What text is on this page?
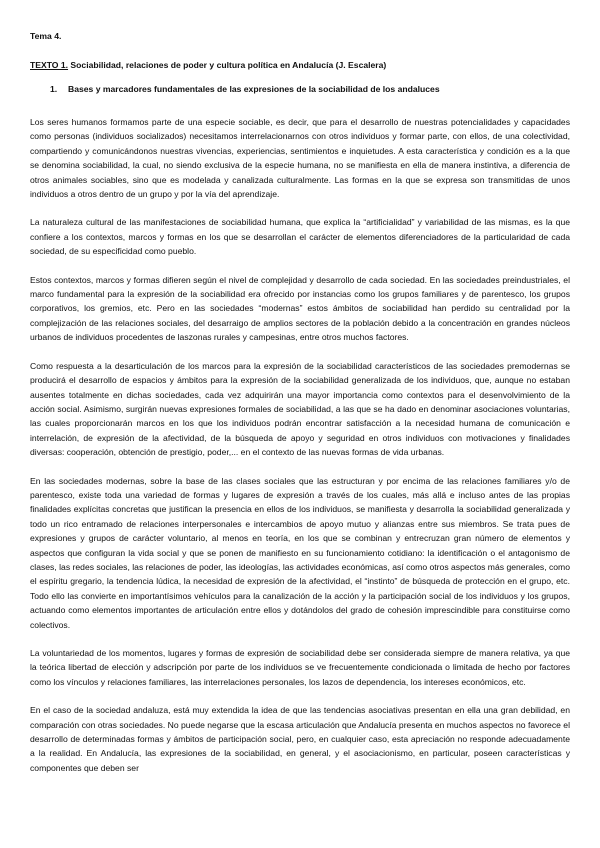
Tema 4.
TEXTO 1. Sociabilidad, relaciones de poder y cultura política en Andalucía (J. Escalera)
1. Bases y marcadores fundamentales de las expresiones de la sociabilidad de los andaluces

Los seres humanos formamos parte de una especie sociable, es decir, que para el desarrollo de nuestras potencialidades y capacidades como personas (individuos socializados) necesitamos interrelacionarnos con otros individuos y formar parte, con ellos, de una colectividad, compartiendo y comunicándonos nuestras vivencias, experiencias, sentimientos e inquietudes. A esta característica y condición es a la que se denomina sociabilidad, la cual, no siendo exclusiva de la especie humana, no se manifiesta en ella de manera instintiva, a diferencia de otros animales sociables, sino que es modelada y canalizada culturalmente. Las formas en la que se expresa son transmitidas de unos individuos a otros dentro de un grupo y por la vía del aprendizaje.

La naturaleza cultural de las manifestaciones de sociabilidad humana, que explica la “artificialidad” y variabilidad de las mismas, es la que confiere a los contextos, marcos y formas en los que se desarrollan el carácter de elementos diferenciadores de la particularidad de cada sociedad, de su especificidad como pueblo.

Estos contextos, marcos y formas difieren según el nivel de complejidad y desarrollo de cada sociedad. En las sociedades preindustriales, el marco fundamental para la expresión de la sociabilidad era ofrecido por instancias como los grupos familiares y de parentesco, los grupos corporativos, los gremios, etc. Pero en las sociedades “modernas” estos ámbitos de sociabilidad han perdido su centralidad por la complejización de las relaciones sociales, del desarraigo de amplios sectores de la población debido a la concentración en grandes núcleos urbanos de individuos procedentes de laszonas rurales y campesinas, entre otros muchos factores.

Como respuesta a la desarticulación de los marcos para la expresión de la sociabilidad característicos de las sociedades premodernas se producirá el desarrollo de espacios y ámbitos para la expresión de la sociabilidad generalizada de los individuos, que, aunque no estaban ausentes totalmente en dichas sociedades, cada vez adquirirán una mayor importancia como contextos para el desenvolvimiento de la acción social. Asimismo, surgirán nuevas expresiones formales de sociabilidad, a las que se ha dado en denominar asociaciones voluntarias, las cuales proporcionarán marcos en los que los individuos podrán encontrar satisfacción a la necesidad humana de comunicación e interrelación, de expresión de la afectividad, de la búsqueda de apoyo y seguridad en otros individuos con motivaciones y finalidades diversas: cooperación, obtención de prestigio, poder,... en el contexto de las nuevas formas de vida urbanas.

En las sociedades modernas, sobre la base de las clases sociales que las estructuran y por encima de las relaciones familiares y/o de parentesco, existe toda una variedad de formas y lugares de expresión a través de los cuales, más allá e incluso antes de las propias finalidades explícitas concretas que justifican la presencia en ellos de los individuos, se manifiesta y desarrolla la sociabilidad generalizada y todo un rico entramado de relaciones interpersonales e intercambios de apoyo mutuo y alianzas entre sus miembros. Se trata pues de expresiones y grupos de carácter voluntario, al menos en teoría, en los que se combinan y entrecruzan gran número de elementos y aspectos que configuran la vida social y que se ponen de manifiesto en su funcionamiento cotidiano: la identificación o el antagonismo de clases, las redes sociales, las relaciones de poder, las ideologías, las actividades económicas, así como otros aspectos más generales, como el espíritu gregario, la tendencia lúdica, la necesidad de expresión de la afectividad, el “instinto” de búsqueda de protección en el grupo, etc. Todo ello las convierte en importantísimos vehículos para la canalización de la acción y la participación social de los individuos y los grupos, actuando como elementos importantes de articulación entre ellos y dotándolos del grado de cohesión imprescindible para constituirse como colectivos.

La voluntariedad de los momentos, lugares y formas de expresión de sociabilidad debe ser considerada siempre de manera relativa, ya que la teórica libertad de elección y adscripción por parte de los individuos se ve frecuentemente condicionada o limitada de hecho por factores como los vínculos y relaciones familiares, las interrelaciones personales, los lazos de dependencia, los intereses económicos, etc.

En el caso de la sociedad andaluza, está muy extendida la idea de que las tendencias asociativas presentan en ella una gran debilidad, en comparación con otras sociedades. No puede negarse que la escasa articulación que Andalucía presenta en muchos aspectos no favorece el desarrollo de determinadas formas y ámbitos de participación social, pero, en cualquier caso, esta apreciación no responde adecuadamente a la realidad. En Andalucía, las expresiones de la sociabilidad, en general, y el asociacionismo, en particular, poseen características y componentes que deben ser
